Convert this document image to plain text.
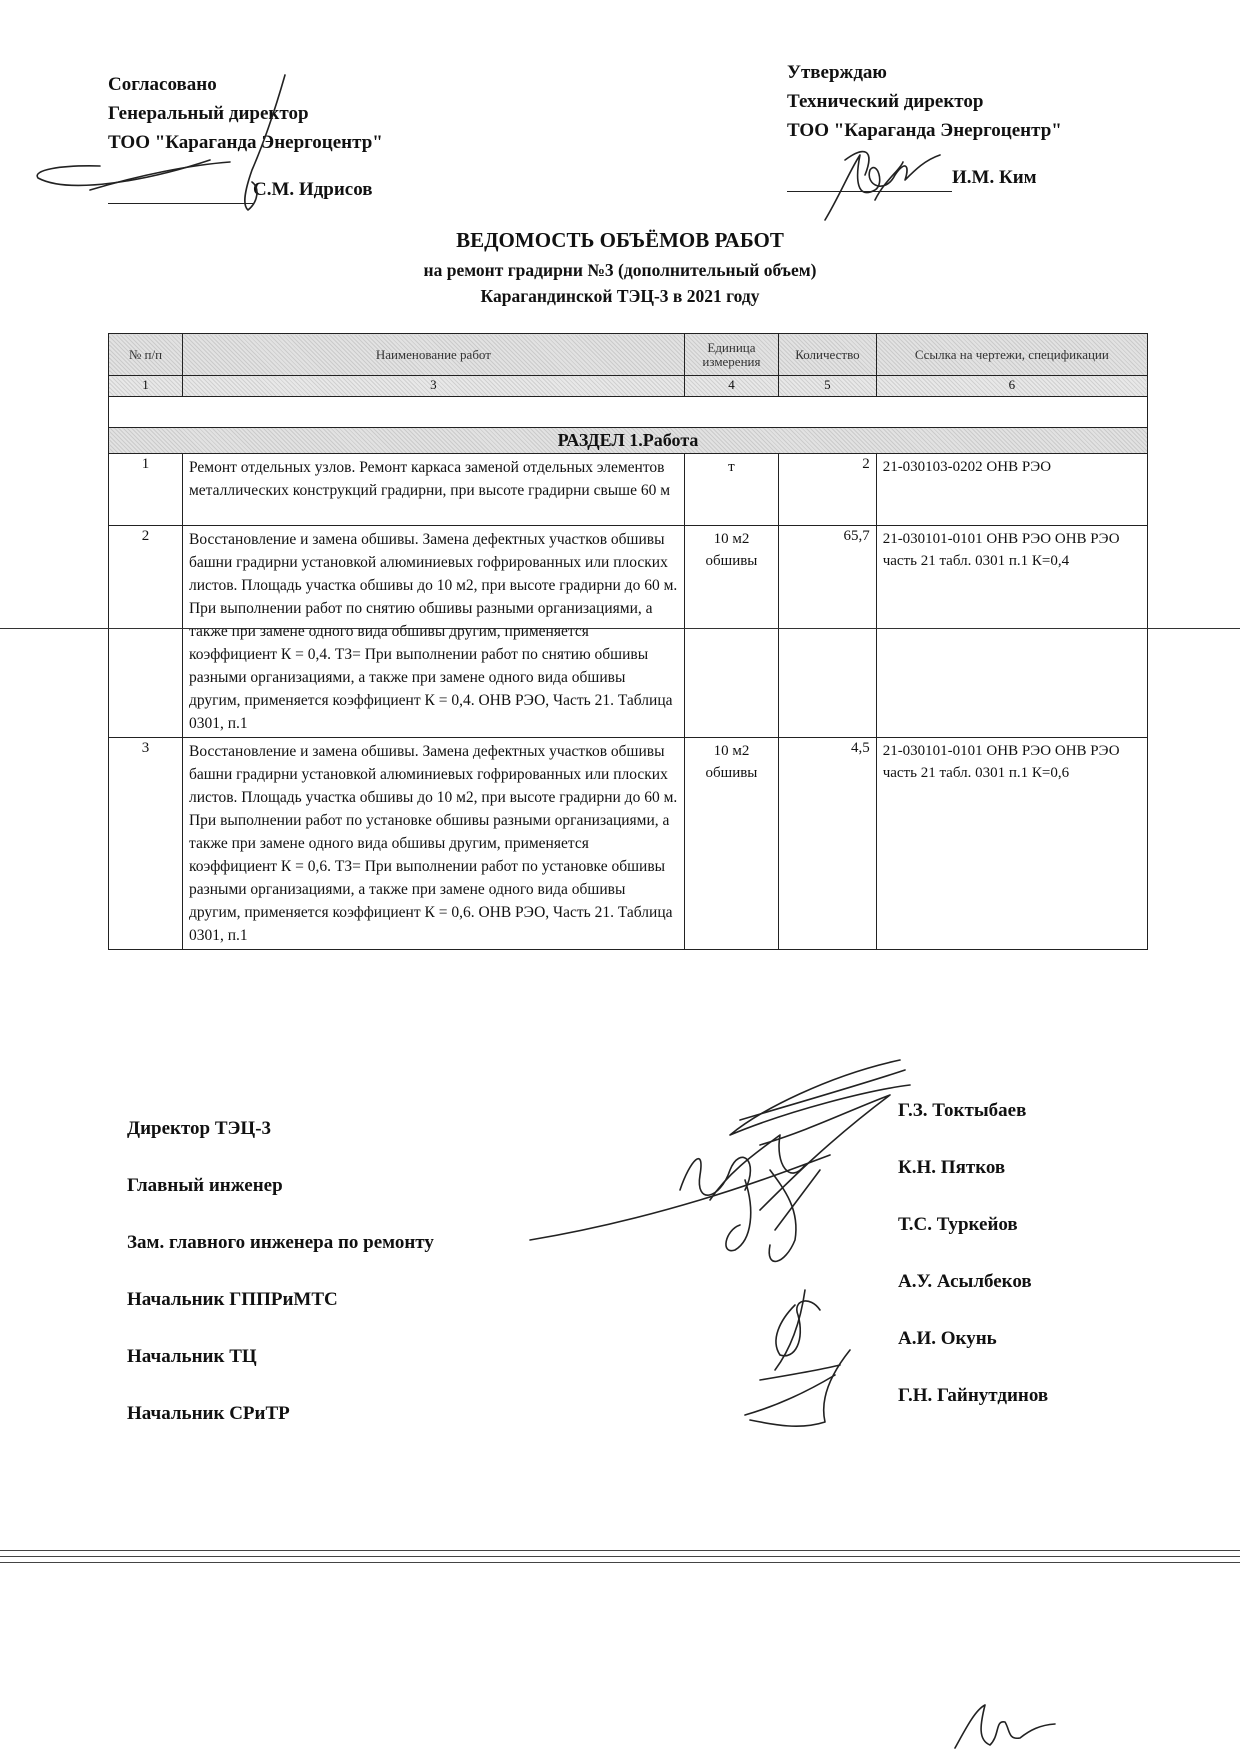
Согласовано
Генеральный директор
ТОО "Караганда Энергоцентр"
С.М. Идрисов
Утверждаю
Технический директор
ТОО "Караганда Энергоцентр"
И.М. Ким
ВЕДОМОСТЬ ОБЪЁМОВ РАБОТ
на ремонт градирни №3 (дополнительный объем)
Карагандинской ТЭЦ-3 в 2021 году
№ п/п	Наименование работ	Единица измерения	Количество	Ссылка на чертежи, спецификации
1	3	4	5	6

РАЗДЕЛ 1.Работа				
1	Ремонт отдельных узлов. Ремонт каркаса заменой отдельных элементов металлических конструкций градирни, при высоте градирни свыше 60 м	т	2	21-030103-0202 ОНВ РЭО
2	Восстановление и замена обшивы. Замена дефектных участков обшивы башни градирни установкой алюминиевых гофрированных или плоских листов. Площадь участка обшивы до 10 м2, при высоте градирни до 60 м. При выполнении работ по снятию обшивы разными организациями, а также при замене одного вида обшивы другим, применяется коэффициент К = 0,4. ТЗ= При выполнении работ по снятию обшивы разными организациями, а также при замене одного вида обшивы другим, применяется коэффициент К = 0,4. ОНВ РЭО, Часть 21. Таблица 0301, п.1	10 м2 обшивы	65,7	21-030101-0101 ОНВ РЭО ОНВ РЭО часть 21 табл. 0301 п.1 К=0,4
3	Восстановление и замена обшивы. Замена дефектных участков обшивы башни градирни установкой алюминиевых гофрированных или плоских листов. Площадь участка обшивы до 10 м2, при высоте градирни до 60 м. При выполнении работ по установке обшивы разными организациями, а также при замене одного вида обшивы другим, применяется коэффициент К = 0,6. ТЗ= При выполнении работ по установке обшивы разными организациями, а также при замене одного вида обшивы другим, применяется коэффициент К = 0,6. ОНВ РЭО, Часть 21. Таблица 0301, п.1	10 м2 обшивы	4,5	21-030101-0101 ОНВ РЭО ОНВ РЭО часть 21 табл. 0301 п.1 К=0,6
Директор ТЭЦ-3
Главный инженер
Зам. главного инженера по ремонту
Начальник ГППРиМТС
Начальник ТЦ
Начальник СРиТР
Г.З. Токтыбаев
К.Н. Пятков
Т.С. Туркейов
А.У. Асылбеков
А.И. Окунь
Г.Н. Гайнутдинов
